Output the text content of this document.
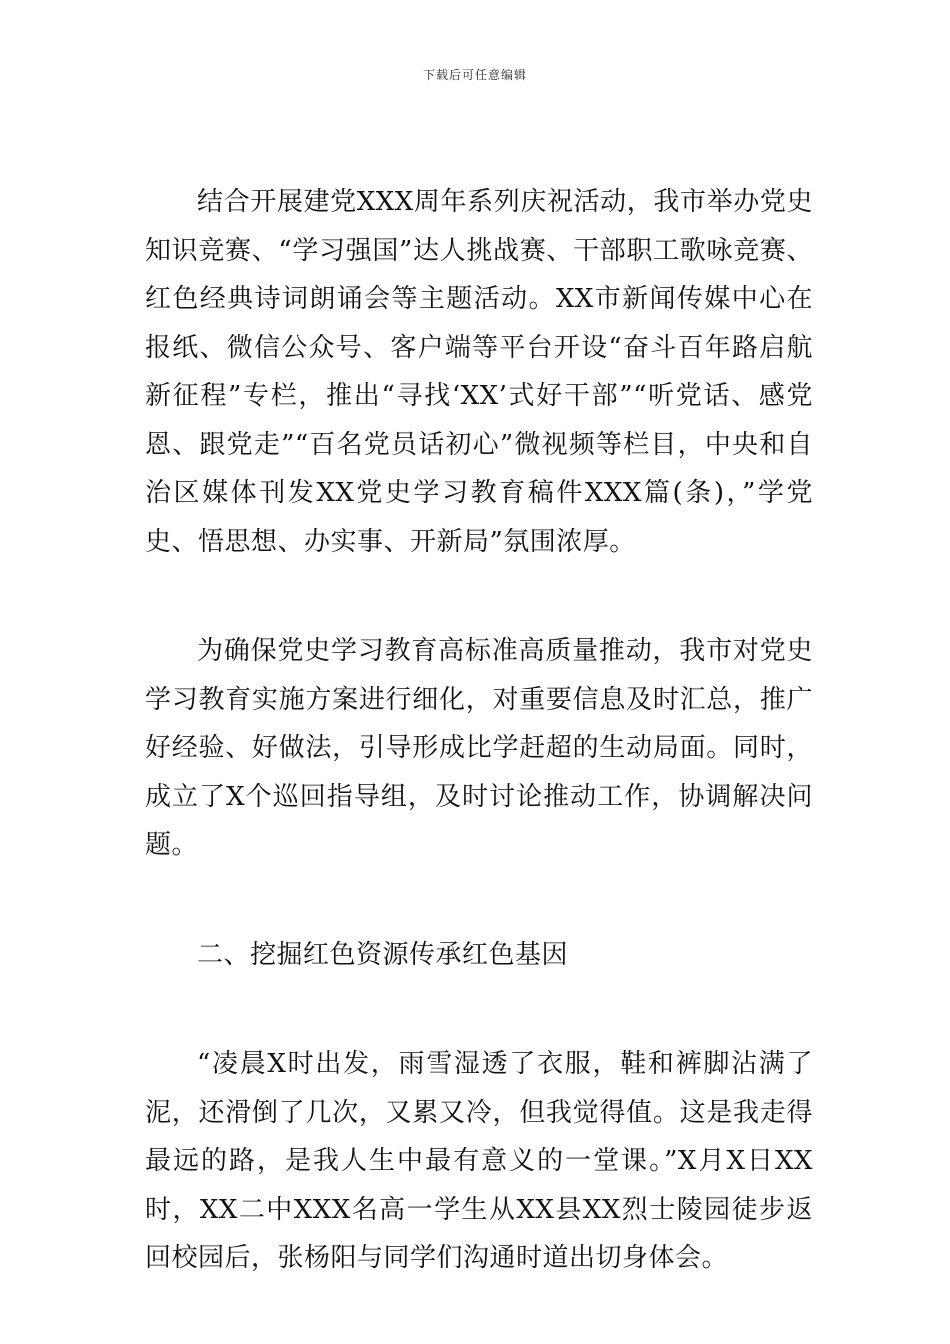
下载后可任意编辑

结合开展建党XXX周年系列庆祝活动，我市举办党史知识竞赛、“学习强国”达人挑战赛、干部职工歌咏竞赛、红色经典诗词朗诵会等主题活动。XX市新闻传媒中心在报纸、微信公众号、客户端等平台开设“奋斗百年路启航新征程”专栏，推出“寻找‘XX’式好干部”“听党话、感党恩、跟党走”“百名党员话初心”微视频等栏目，中央和自治区媒体刊发XX党史学习教育稿件XXX篇(条)，”学党史、悟思想、办实事、开新局”氛围浓厚。

为确保党史学习教育高标准高质量推动，我市对党史学习教育实施方案进行细化，对重要信息及时汇总，推广好经验、好做法，引导形成比学赶超的生动局面。同时，成立了X个巡回指导组，及时讨论推动工作，协调解决问题。

二、挖掘红色资源传承红色基因

“凌晨X时出发，雨雪湿透了衣服，鞋和裤脚沾满了泥，还滑倒了几次，又累又冷，但我觉得值。这是我走得最远的路，是我人生中最有意义的一堂课。”X月X日XX时，XX二中XXX名高一学生从XX县XX烈士陵园徒步返回校园后，张杨阳与同学们沟通时道出切身体会。
